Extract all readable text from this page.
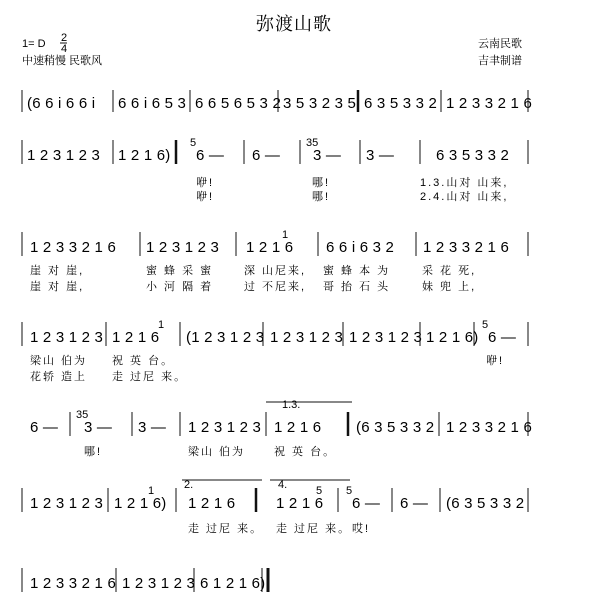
弥渡山歌
1= D 2
4
中速稍慢 民歌风
云南民歌
吉聿制谱
(6 6 i 6 6 i 6 6 i 6 5 3 6 6 5 6 5 3 2 3 5 3 2 3 5 6 3 5 3 3 2 1 2 3 3 2 1 6
1 2 3 1 2 3 1 2 1 6)
5
6 — 6 —
35
3 — 3 —	6 3 5 3 3 2
咿!	哪!	1.3.山对 山来,
咿!	哪!	2.4.山对 山来,
1 2 3 3 2 1 6 1 2 3 1 2 3
1
1 2 1 6 6 6 i 6 3 2 1 2 3 3 2 1 6
崖 对 崖,	蜜 蜂 采 蜜	深 山尼来, 蜜 蜂 本 为	采 花 死,
崖 对 崖,	小 河 隔 着	过 不尼来, 哥 抬 石 头	妹 兜 上,
1 2 3 1 2 3
1
1 2 1 6 (1 2 3 1 2 3 1 2 3 1 2 3 1 2 3 1 2 3 1 2 1 6)
5
6 —
梁山 伯为 祝 英 台。	咿!
花轿 造上 走 过尼 来。
6 —
35
3 — 3 — 1 2 3 1 2 3
1.3.
1 2 1 6 (6 3 5 3 3 2 1 2 3 3 2 1 6
哪!	梁山 伯为	祝 英 台。
1 2 3 1 2 3
1
1 2 1 6)
2.
1 2 1 6
4.	5
1 2 1 6
5
6 — 6 — (6 3 5 3 3 2
走 过尼 来。 走 过尼 来。 哎!
1 2 3 3 2 1 6 1 2 3 1 2 3 6 1 2 1 6)
